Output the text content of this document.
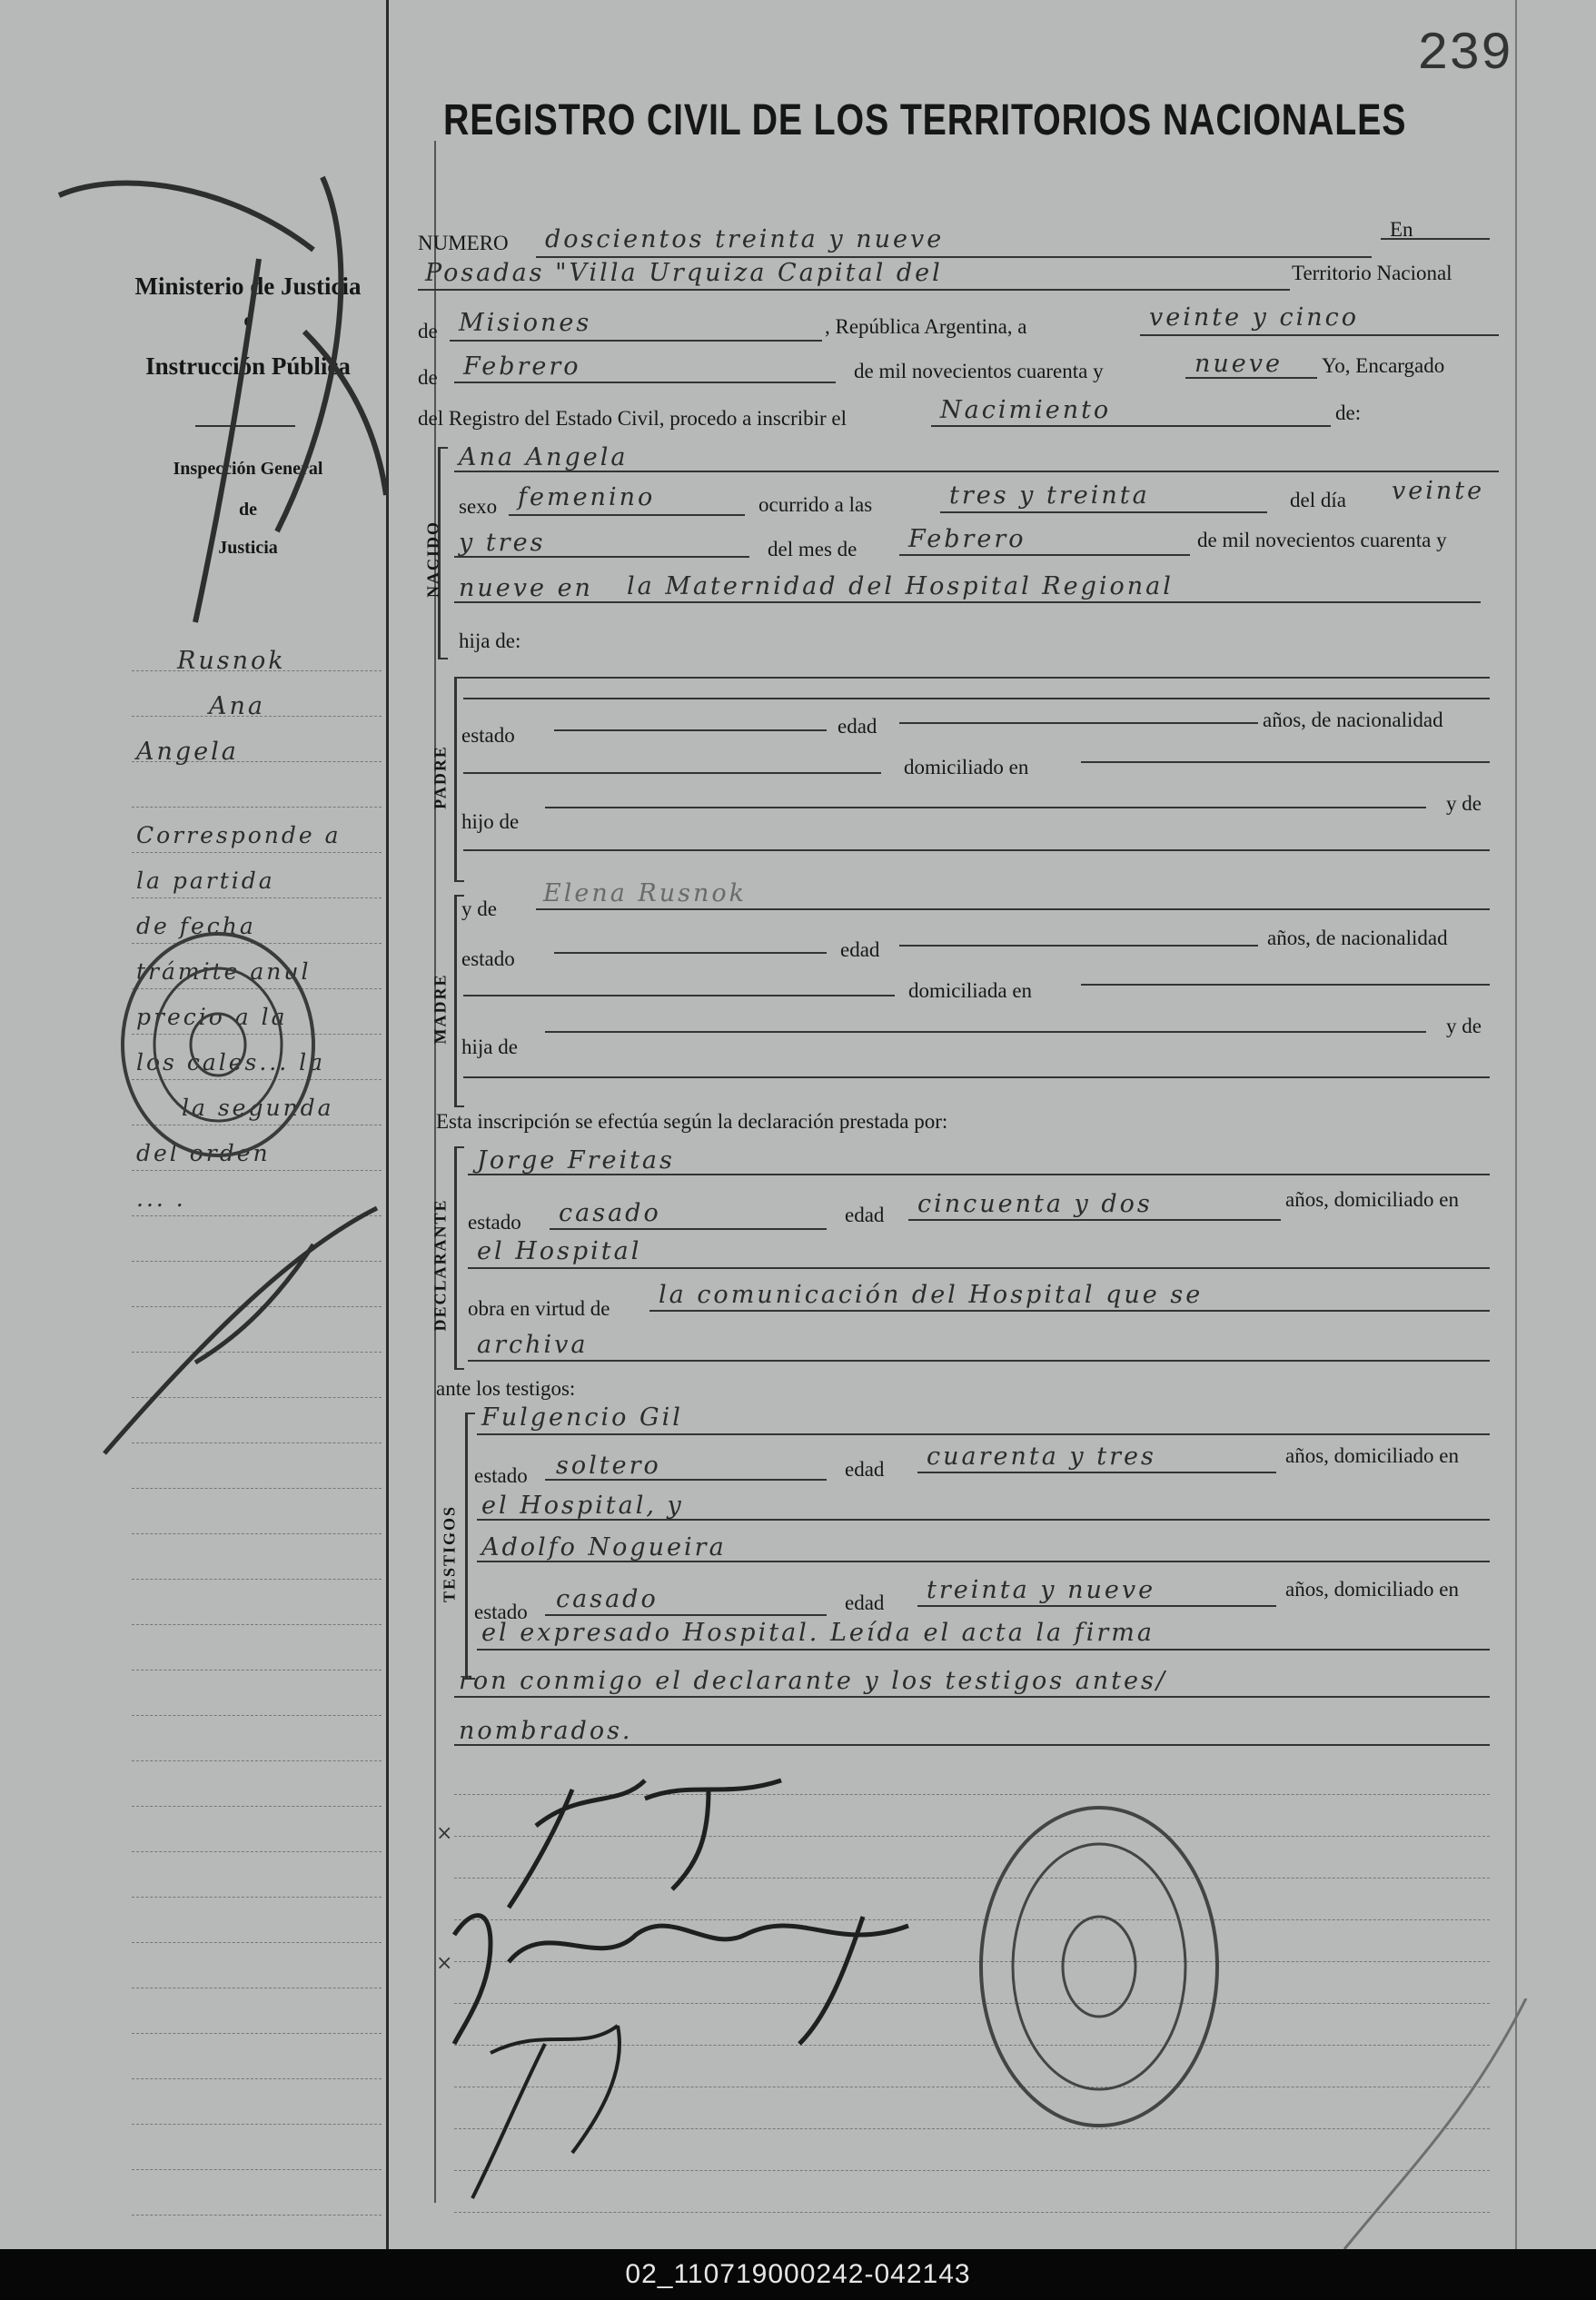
239
REGISTRO CIVIL DE LOS TERRITORIOS NACIONALES
Ministerio de Justicia
e
Instrucción Pública
Inspección General
de
Justicia
Rusnok
Ana
Angela
Corresponde a
la partida
de fecha
trámite anul
precio a la
los cales... la
la segunda
del orden
... .
NUMERO doscientos treinta y nueve	En
Posadas "Villa Urquiza Capital del	Territorio Nacional
de Misiones	, República Argentina, a	veinte y cinco
de Febrero	de mil novecientos cuarenta y	nueve Yo, Encargado
del Registro del Estado Civil, procedo a inscribir el	Nacimiento	de:
NACIDO
Ana Angela
sexo femenino	ocurrido a las	tres y treinta	del día veinte
y tres	del mes de Febrero	de mil novecientos cuarenta y
nueve en la Maternidad del Hospital Regional
hija de:
PADRE
estado	edad	años, de nacionalidad
domiciliado en
hijo de
y de
MADRE
y de
Elena Rusnok
estado	edad
años, de nacionalidad
domiciliada en
hija de
y de
Esta inscripción se efectúa según la declaración prestada por:
DECLARANTE
Jorge Freitas
estado casado	edad cincuenta y dos	años, domiciliado en
el Hospital
obra en virtud de la comunicación del Hospital que se
archiva
ante los testigos:
TESTIGOS
Fulgencio Gil
estado soltero	edad cuarenta y tres	años, domiciliado en
el Hospital, y
Adolfo Nogueira
estado casado	edad treinta y nueve	años, domiciliado en
el expresado Hospital. Leída el acta la firma
ron conmigo el declarante y los testigos antes/
nombrados.
×
×
02_110719000242-042143
